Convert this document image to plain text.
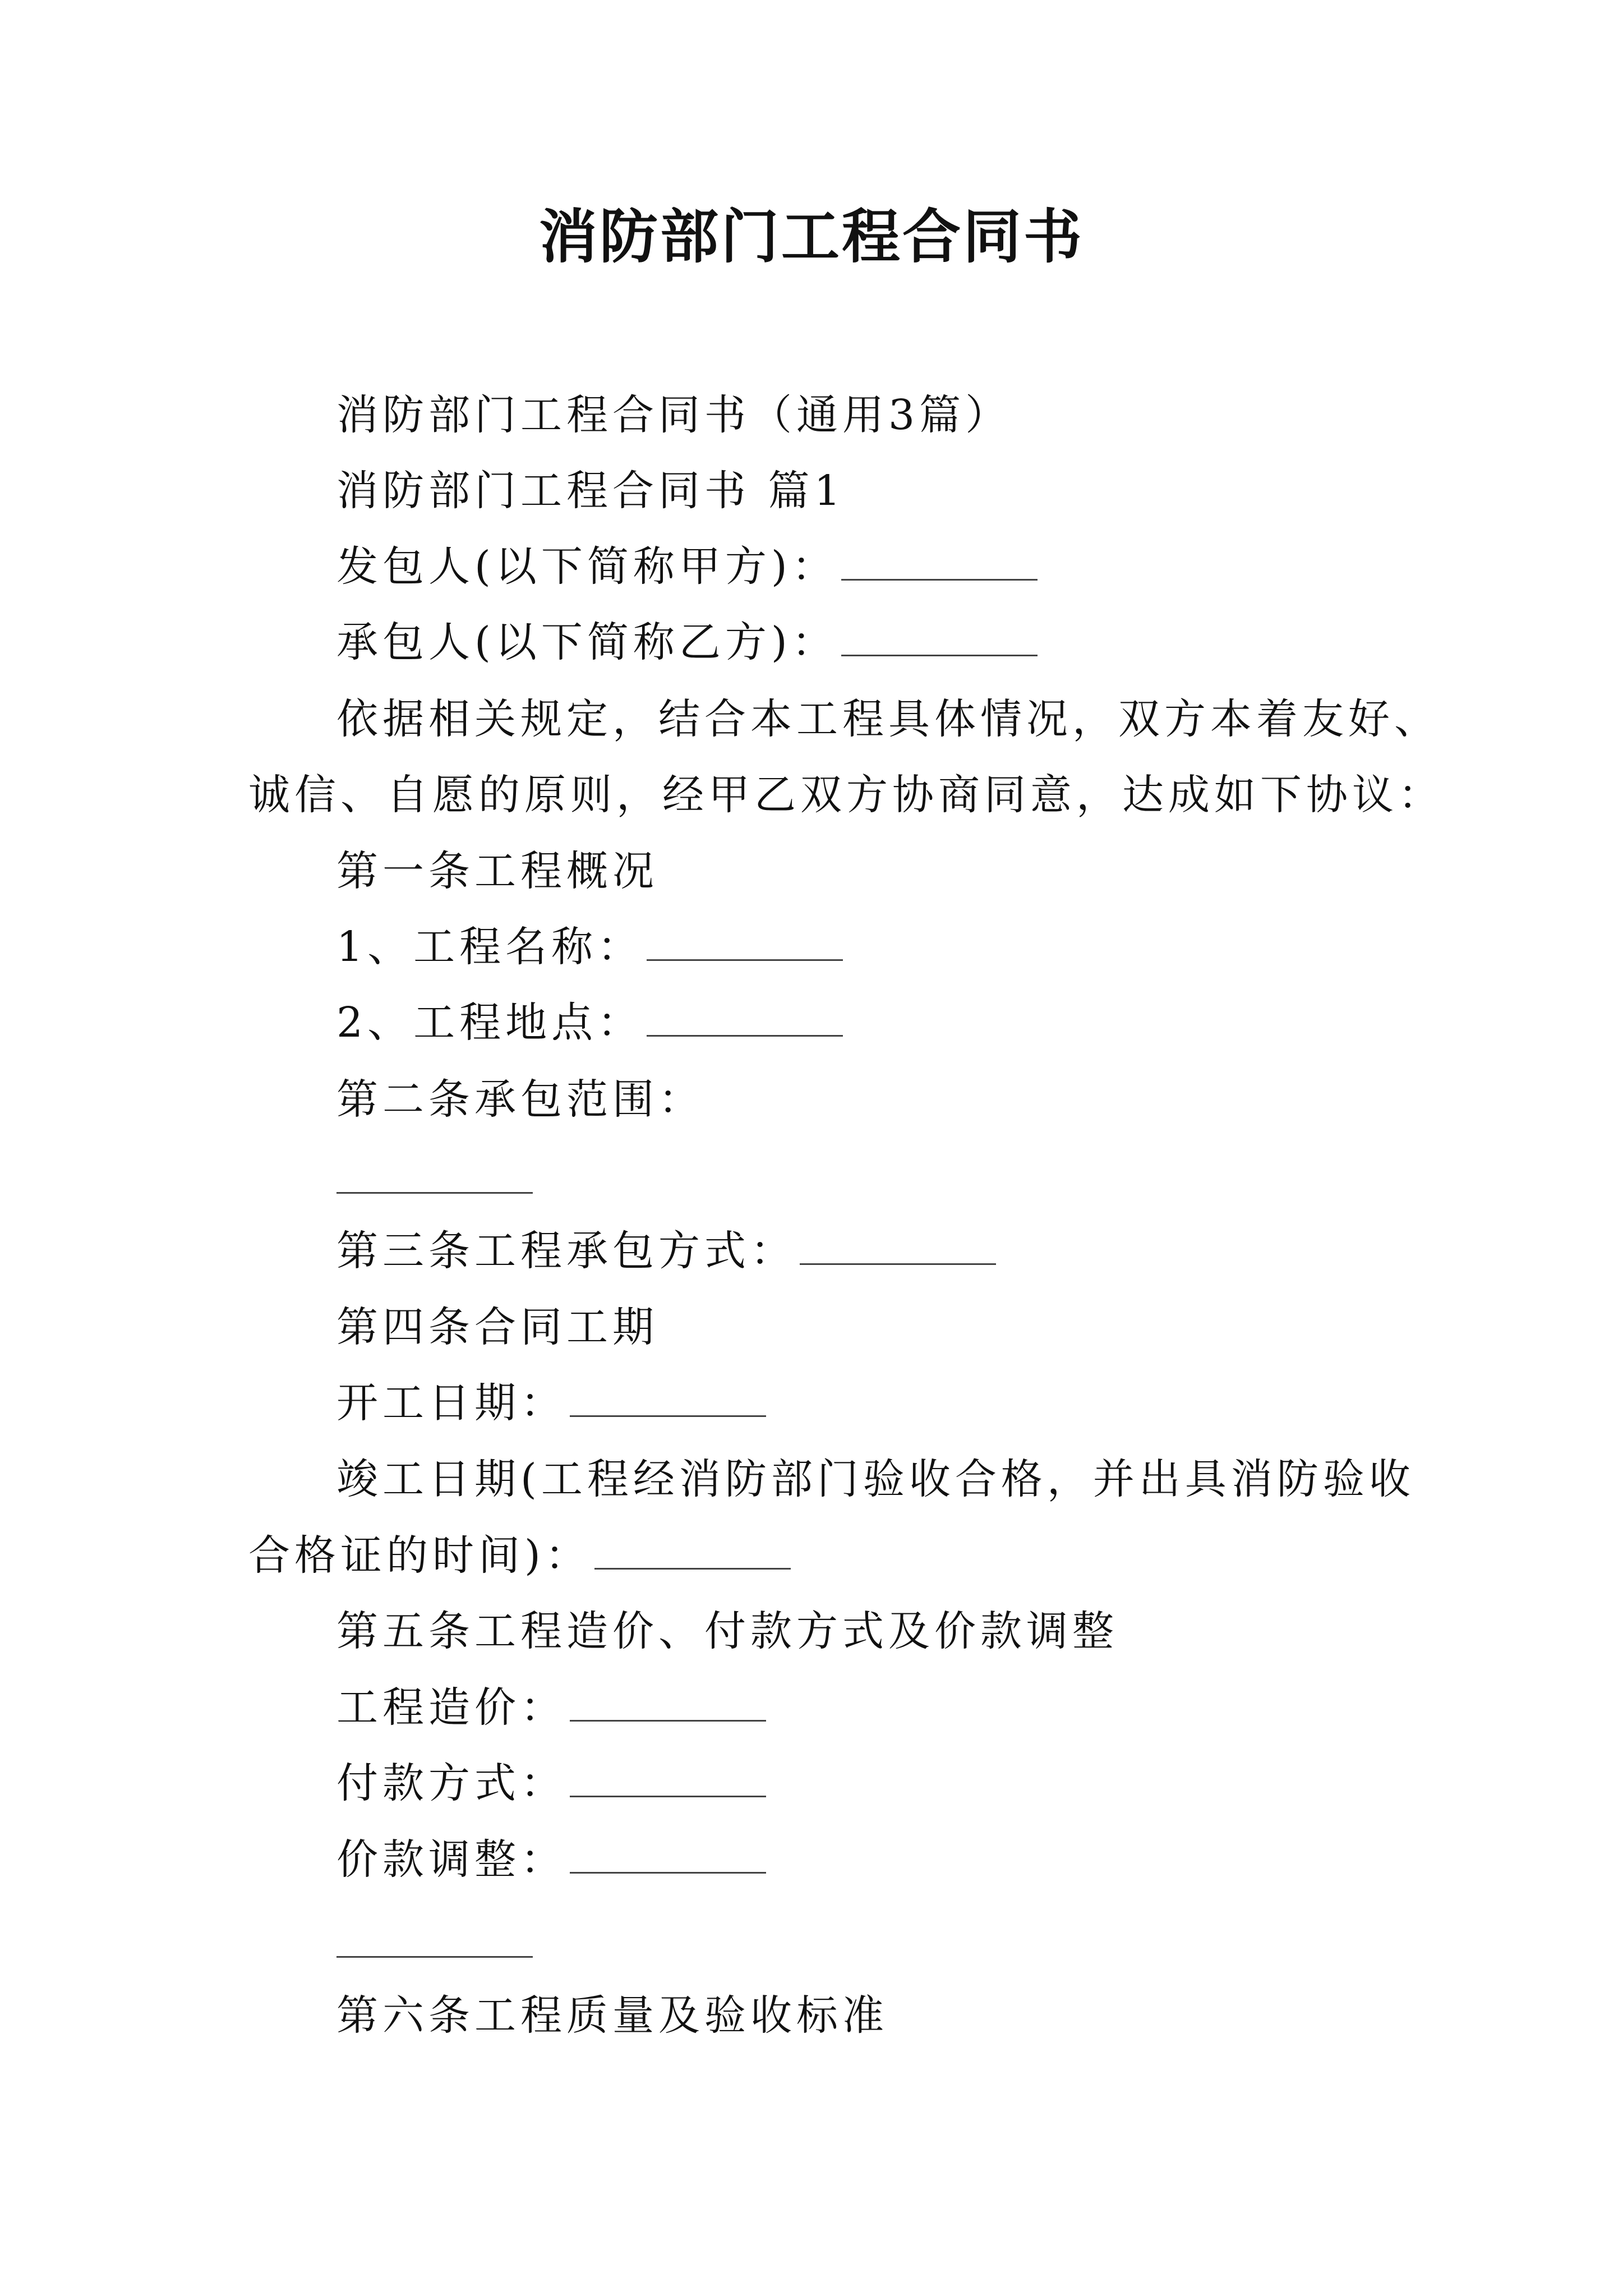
消防部门工程合同书
消防部门工程合同书（通用3篇）
消防部门工程合同书 篇1
发包人(以下简称甲方)：
承包人(以下简称乙方)：
依据相关规定，结合本工程具体情况，双方本着友好、
诚信、自愿的原则，经甲乙双方协商同意，达成如下协议：
第一条工程概况
1、工程名称：
2、工程地点：
第二条承包范围：
第三条工程承包方式：
第四条合同工期
开工日期：
竣工日期(工程经消防部门验收合格，并出具消防验收
合格证的时间)：
第五条工程造价、付款方式及价款调整
工程造价：
付款方式：
价款调整：
第六条工程质量及验收标准
